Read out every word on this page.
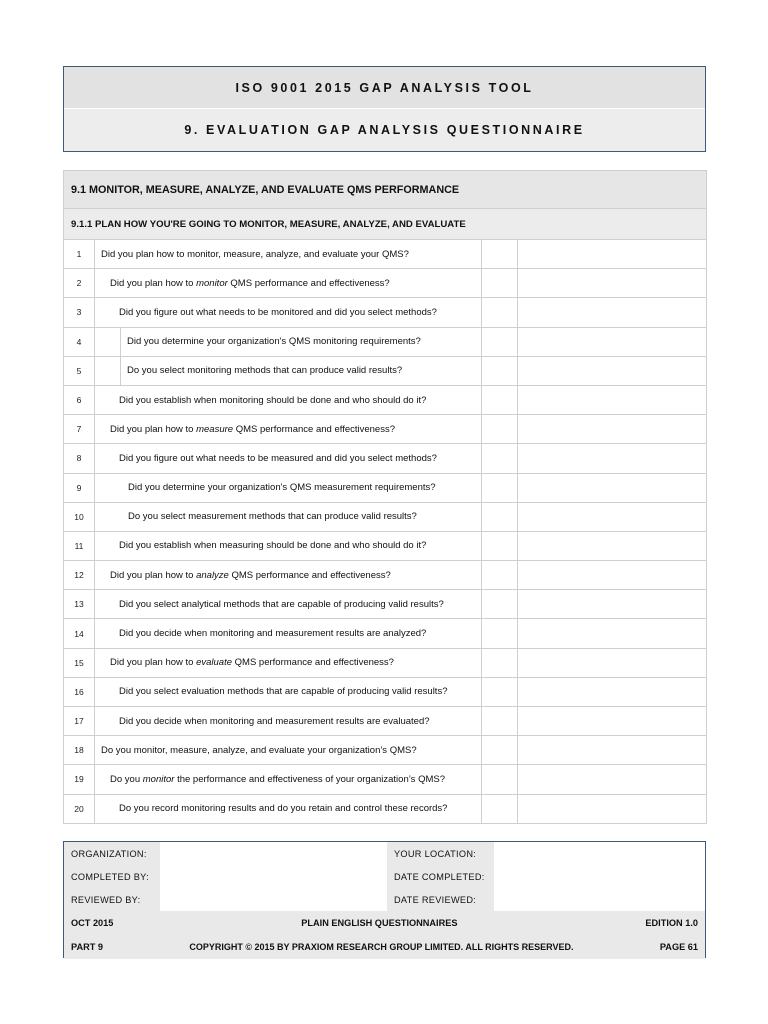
ISO 9001 2015 GAP ANALYSIS TOOL
9. EVALUATION GAP ANALYSIS QUESTIONNAIRE
9.1 MONITOR, MEASURE, ANALYZE, AND EVALUATE QMS PERFORMANCE			
9.1.1 PLAN HOW YOU'RE GOING TO MONITOR, MEASURE, ANALYZE, AND EVALUATE			
1	Did you plan how to monitor, measure, analyze, and evaluate your QMS?		
2	Did you plan how to monitor QMS performance and effectiveness?		
3	Did you figure out what needs to be monitored and did you select methods?		
4	Did you determine your organization's QMS monitoring requirements?		
5	Do you select monitoring methods that can produce valid results?		
6	Did you establish when monitoring should be done and who should do it?		
7	Did you plan how to measure QMS performance and effectiveness?		
8	Did you figure out what needs to be measured and did you select methods?		
9	Did you determine your organization's QMS measurement requirements?		
10	Do you select measurement methods that can produce valid results?		
11	Did you establish when measuring should be done and who should do it?		
12	Did you plan how to analyze QMS performance and effectiveness?		
13	Did you select analytical methods that are capable of producing valid results?		
14	Did you decide when monitoring and measurement results are analyzed?		
15	Did you plan how to evaluate QMS performance and effectiveness?		
16	Did you select evaluation methods that are capable of producing valid results?		
17	Did you decide when monitoring and measurement results are evaluated?		
18	Do you monitor, measure, analyze, and evaluate your organization’s QMS?		
19	Do you monitor the performance and effectiveness of your organization’s QMS?		
20	Do you record monitoring results and do you retain and control these records?		
ORGANIZATION:	YOUR LOCATION:
COMPLETED BY:	DATE COMPLETED:
REVIEWED BY:	DATE REVIEWED:
OCT 2015	PLAIN ENGLISH QUESTIONNAIRES	EDITION 1.0
PART 9	COPYRIGHT © 2015 BY PRAXIOM RESEARCH GROUP LIMITED. ALL RIGHTS RESERVED.	PAGE 61
